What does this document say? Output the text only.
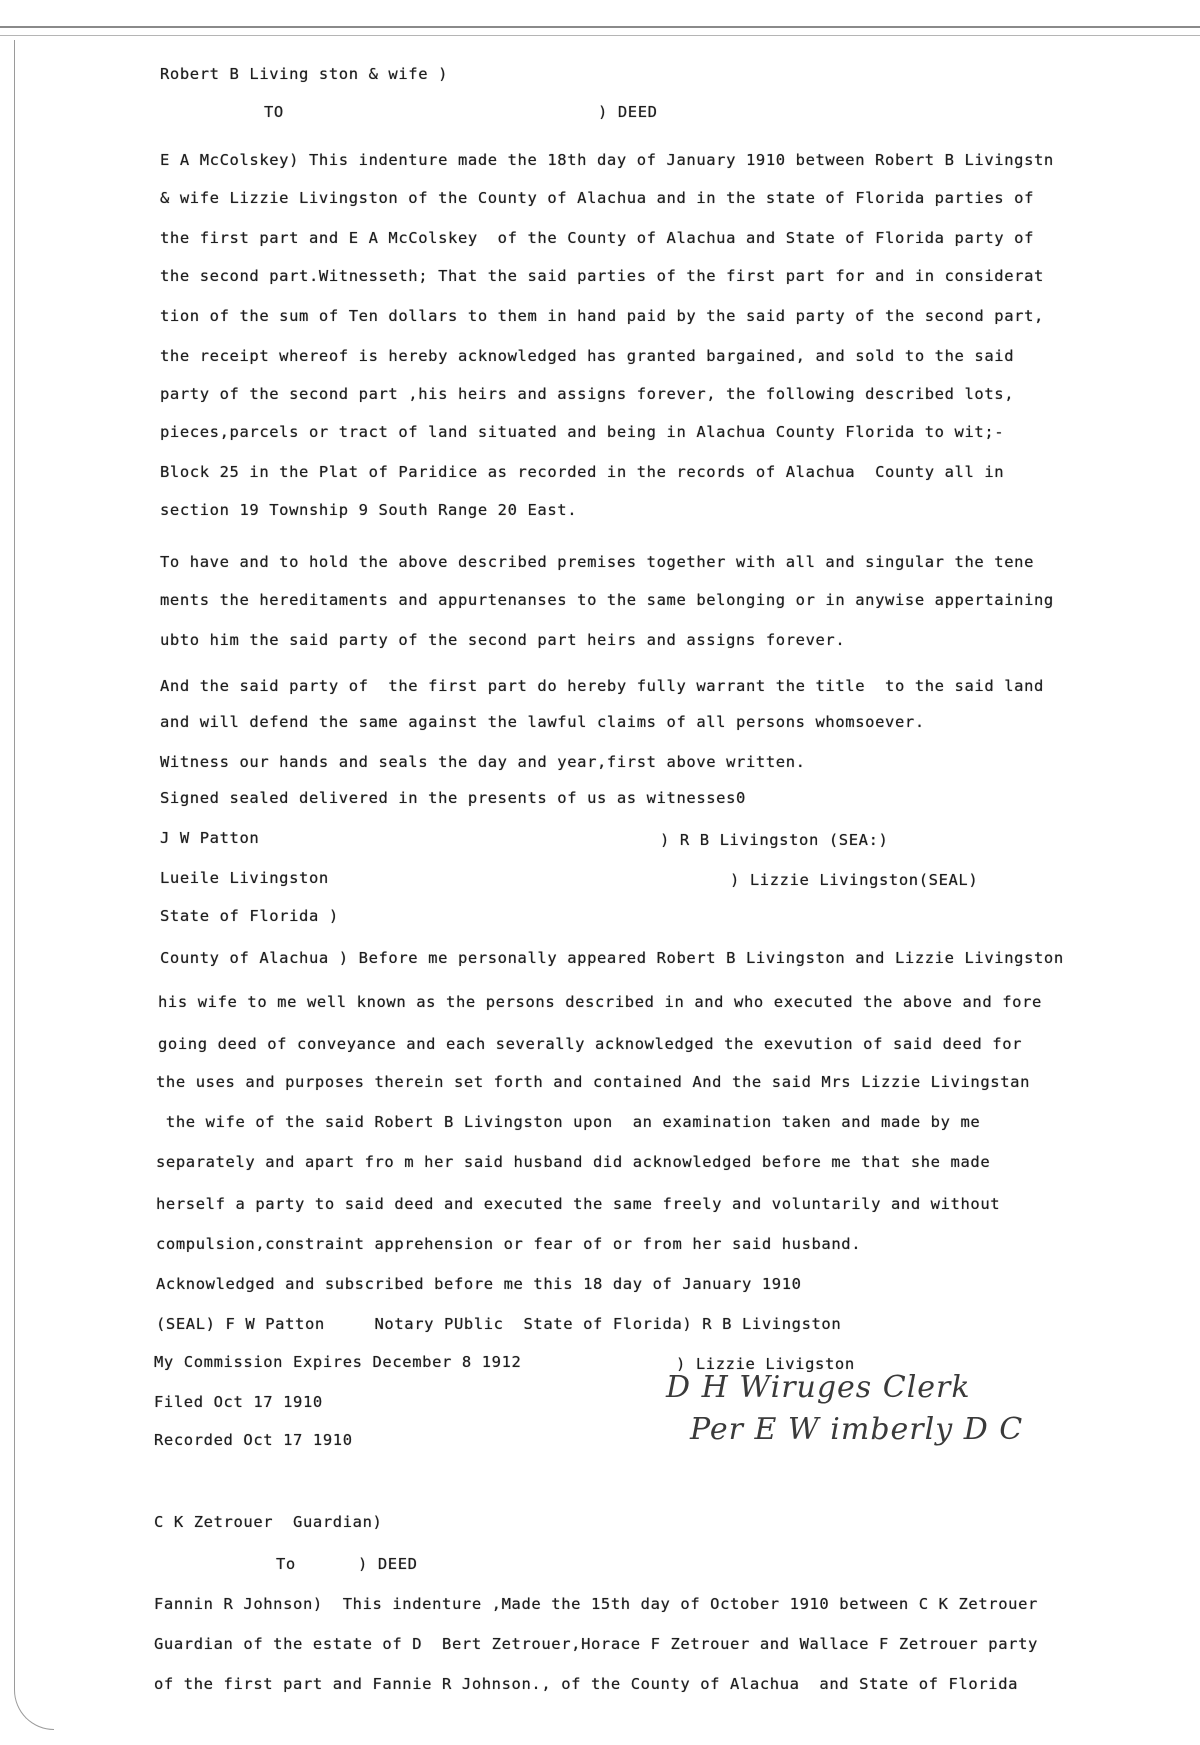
Robert B Living ston & wife )
TO	) DEED
E A McColskey) This indenture made the 18th day of January 1910 between Robert B Livingstn
& wife Lizzie Livingston of the County of Alachua and in the state of Florida parties of
the first part and E A McColskey  of the County of Alachua and State of Florida party of
the second part.Witnesseth; That the said parties of the first part for and in considerat
tion of the sum of Ten dollars to them in hand paid by the said party of the second part,
the receipt whereof is hereby acknowledged has granted bargained, and sold to the said
party of the second part ,his heirs and assigns forever, the following described lots,
pieces,parcels or tract of land situated and being in Alachua County Florida to wit;-
Block 25 in the Plat of Paridice as recorded in the records of Alachua  County all in
section 19 Township 9 South Range 20 East.
To have and to hold the above described premises together with all and singular the tene
ments the hereditaments and appurtenanses to the same belonging or in anywise appertaining
ubto him the said party of the second part heirs and assigns forever.
And the said party of  the first part do hereby fully warrant the title  to the said land
and will defend the same against the lawful claims of all persons whomsoever.
Witness our hands and seals the day and year,first above written.
Signed sealed delivered in the presents of us as witnesses0
J W Patton	) R B Livingston (SEA:)
Lueile Livingston	) Lizzie Livingston(SEAL)
State of Florida )
County of Alachua ) Before me personally appeared Robert B Livingston and Lizzie Livingston
his wife to me well known as the persons described in and who executed the above and fore
going deed of conveyance and each severally acknowledged the exevution of said deed for
the uses and purposes therein set forth and contained And the said Mrs Lizzie Livingstan
the wife of the said Robert B Livingston upon  an examination taken and made by me
separately and apart fro m her said husband did acknowledged before me that she made
herself a party to said deed and executed the same freely and voluntarily and without
compulsion,constraint apprehension or fear of or from her said husband.
Acknowledged and subscribed before me this 18 day of January 1910
(SEAL) F W Patton     Notary PUblic  State of Florida) R B Livingston
My Commission Expires December 8 1912	) Lizzie Livigston
Filed Oct 17 1910
Recorded Oct 17 1910
D H Wiruges Clerk
Per E W imberly D C
C K Zetrouer  Guardian)
To	) DEED
Fannin R Johnson)  This indenture ,Made the 15th day of October 1910 between C K Zetrouer
Guardian of the estate of D  Bert Zetrouer,Horace F Zetrouer and Wallace F Zetrouer party
of the first part and Fannie R Johnson., of the County of Alachua  and State of Florida
